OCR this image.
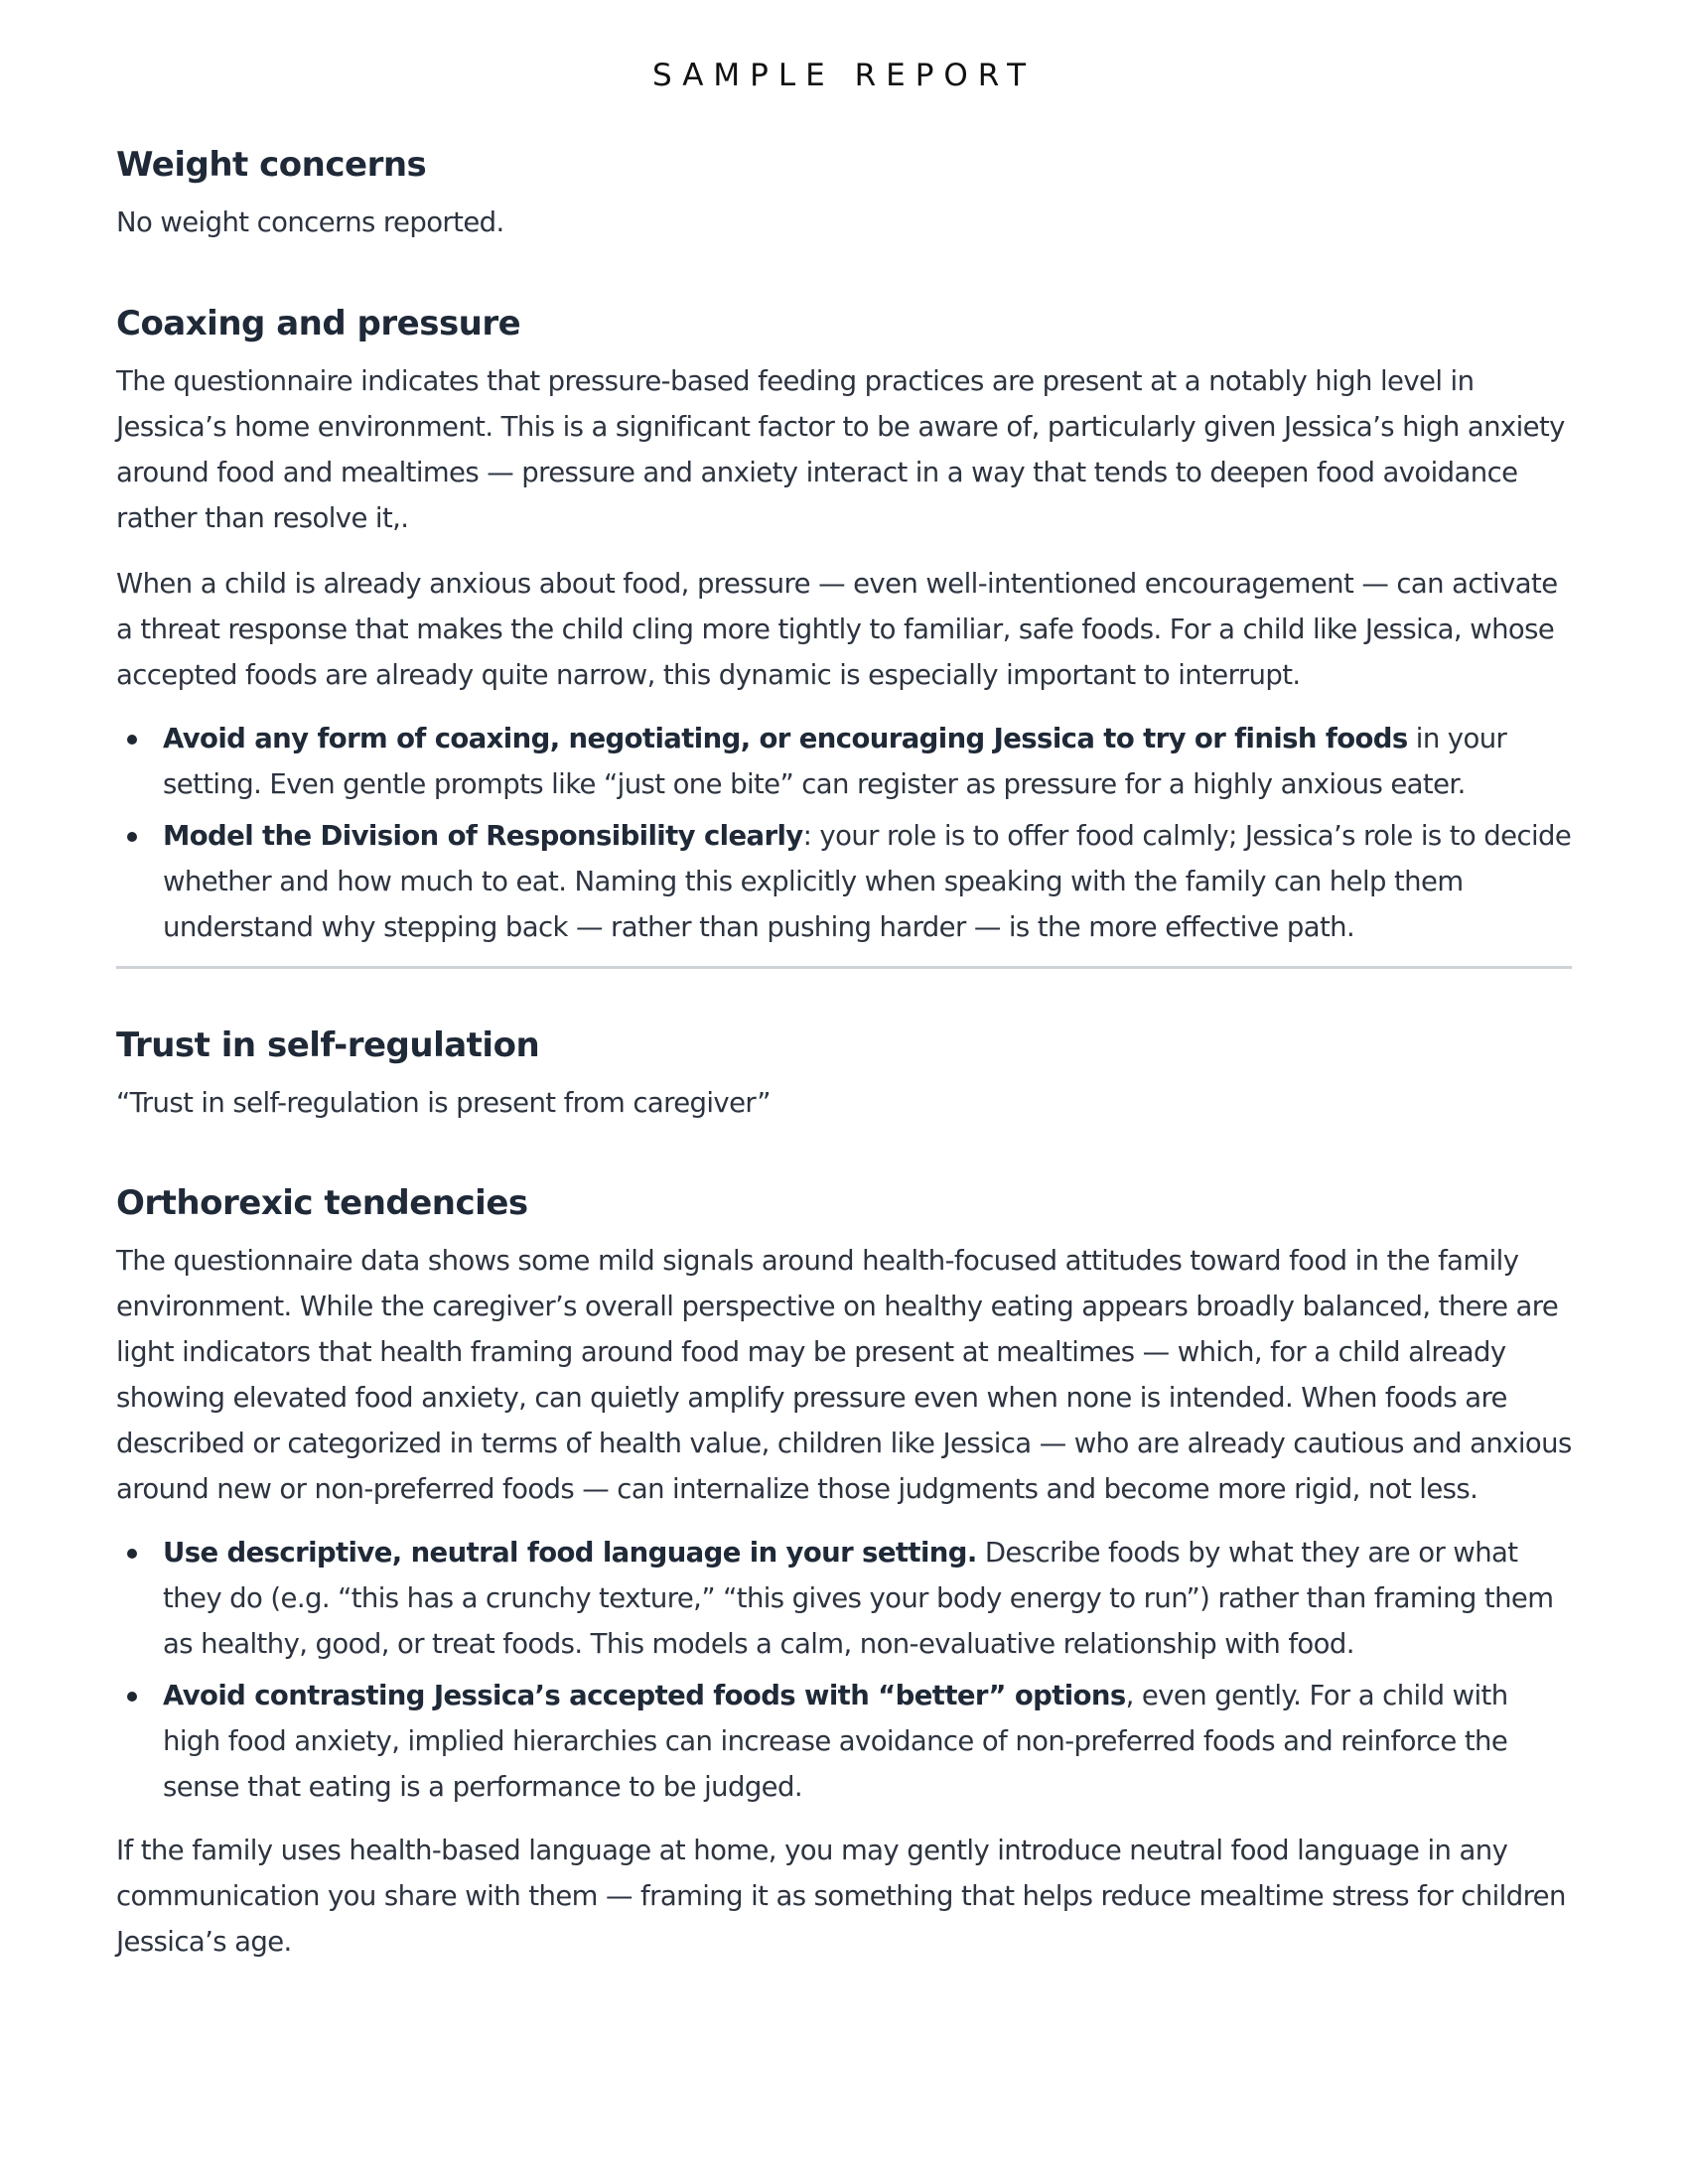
SAMPLE REPORT
Weight concerns

No weight concerns reported.

Coaxing and pressure

The questionnaire indicates that pressure-based feeding practices are present at a notably high level in Jessica’s home environment. This is a significant factor to be aware of, particularly given Jessica’s high anxiety around food and mealtimes — pressure and anxiety interact in a way that tends to deepen food avoidance rather than resolve it,.

When a child is already anxious about food, pressure — even well-intentioned encouragement — can activate a threat response that makes the child cling more tightly to familiar, safe foods. For a child like Jessica, whose accepted foods are already quite narrow, this dynamic is especially important to interrupt.

Avoid any form of coaxing, negotiating, or encouraging Jessica to try or finish foods in your setting. Even gentle prompts like “just one bite” can register as pressure for a highly anxious eater.
Model the Division of Responsibility clearly: your role is to offer food calmly; Jessica’s role is to decide whether and how much to eat. Naming this explicitly when speaking with the family can help them understand why stepping back — rather than pushing harder — is the more effective path.
Trust in self-regulation

“Trust in self-regulation is present from caregiver”

Orthorexic tendencies

The questionnaire data shows some mild signals around health-focused attitudes toward food in the family environment. While the caregiver’s overall perspective on healthy eating appears broadly balanced, there are light indicators that health framing around food may be present at mealtimes — which, for a child already showing elevated food anxiety, can quietly amplify pressure even when none is intended. When foods are described or categorized in terms of health value, children like Jessica — who are already cautious and anxious around new or non-preferred foods — can internalize those judgments and become more rigid, not less.

Use descriptive, neutral food language in your setting. Describe foods by what they are or what they do (e.g. “this has a crunchy texture,” “this gives your body energy to run”) rather than framing them as healthy, good, or treat foods. This models a calm, non-evaluative relationship with food.
Avoid contrasting Jessica’s accepted foods with “better” options, even gently. For a child with high food anxiety, implied hierarchies can increase avoidance of non-preferred foods and reinforce the sense that eating is a performance to be judged.

If the family uses health-based language at home, you may gently introduce neutral food language in any communication you share with them — framing it as something that helps reduce mealtime stress for children Jessica’s age.
